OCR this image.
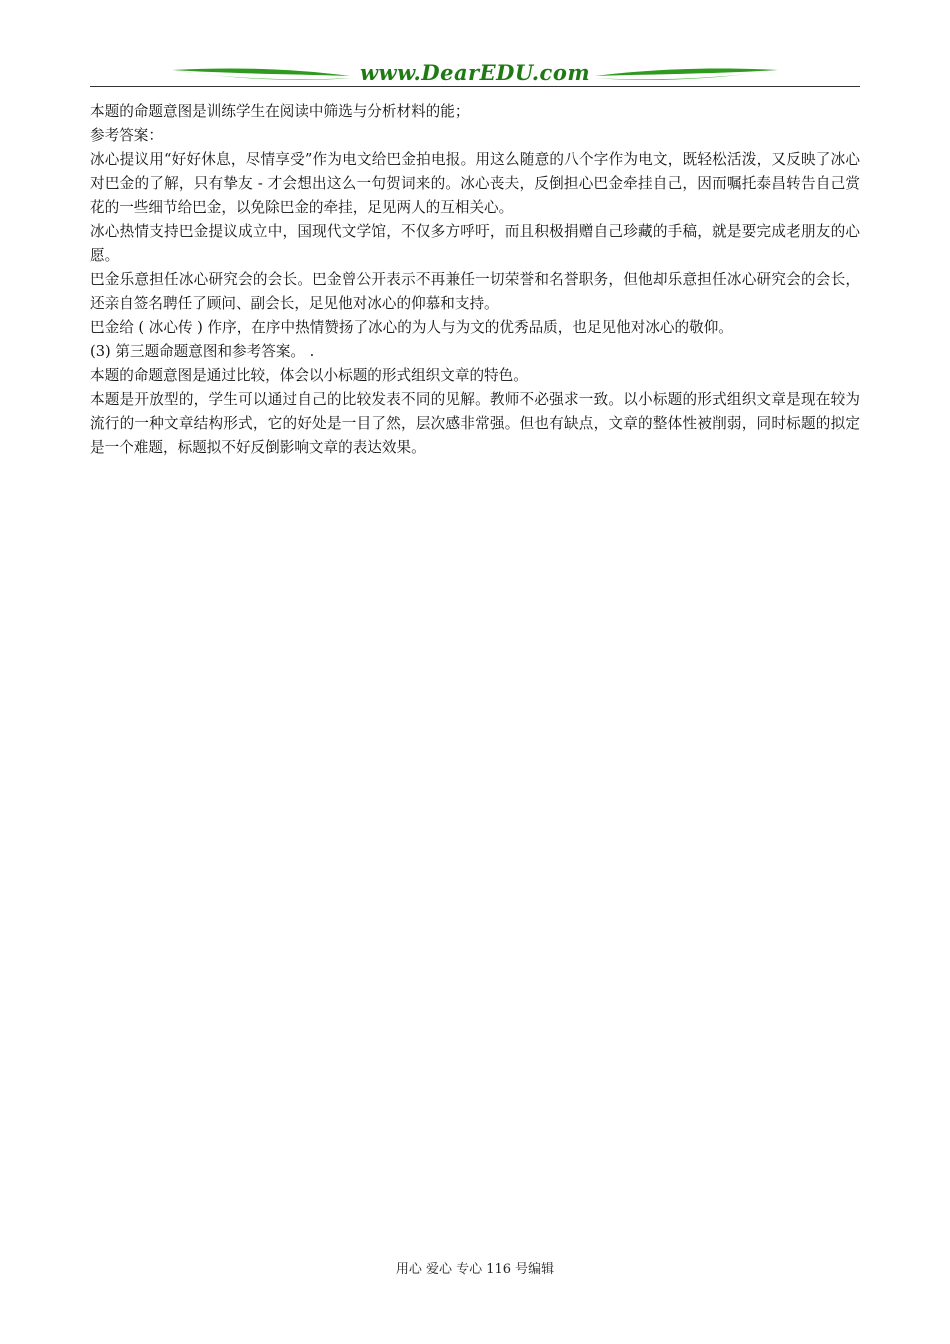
www.DearEDU.com

本题的命题意图是训练学生在阅读中筛选与分析材料的能；

参考答案：

冰心提议用“好好休息，尽情享受”作为电文给巴金拍电报。用这么随意的八个字作为电文，既轻松活泼，又反映了冰心对巴金的了解，只有挚友 - 才会想出这么一句贺词来的。冰心丧夫，反倒担心巴金牵挂自己，因而嘱托泰昌转告自己赏花的一些细节给巴金，以免除巴金的牵挂，足见两人的互相关心。

冰心热情支持巴金提议成立中，国现代文学馆，不仅多方呼吁，而且积极捐赠自己珍藏的手稿，就是要完成老朋友的心愿。

巴金乐意担任冰心研究会的会长。巴金曾公开表示不再兼任一切荣誉和名誉职务，但他却乐意担任冰心研究会的会长，还亲自签名聘任了顾问、副会长，足见他对冰心的仰慕和支持。

巴金给 ( 冰心传 ) 作序，在序中热情赞扬了冰心的为人与为文的优秀品质，也足见他对冰心的敬仰。

(3) 第三题命题意图和参考答案。 .

本题的命题意图是通过比较，体会以小标题的形式组织文章的特色。

本题是开放型的，学生可以通过自己的比较发表不同的见解。教师不必强求一致。以小标题的形式组织文章是现在较为流行的一种文章结构形式，它的好处是一目了然，层次感非常强。但也有缺点，文章的整体性被削弱，同时标题的拟定是一个难题，标题拟不好反倒影响文章的表达效果。

用心 爱心 专心 116 号编辑
